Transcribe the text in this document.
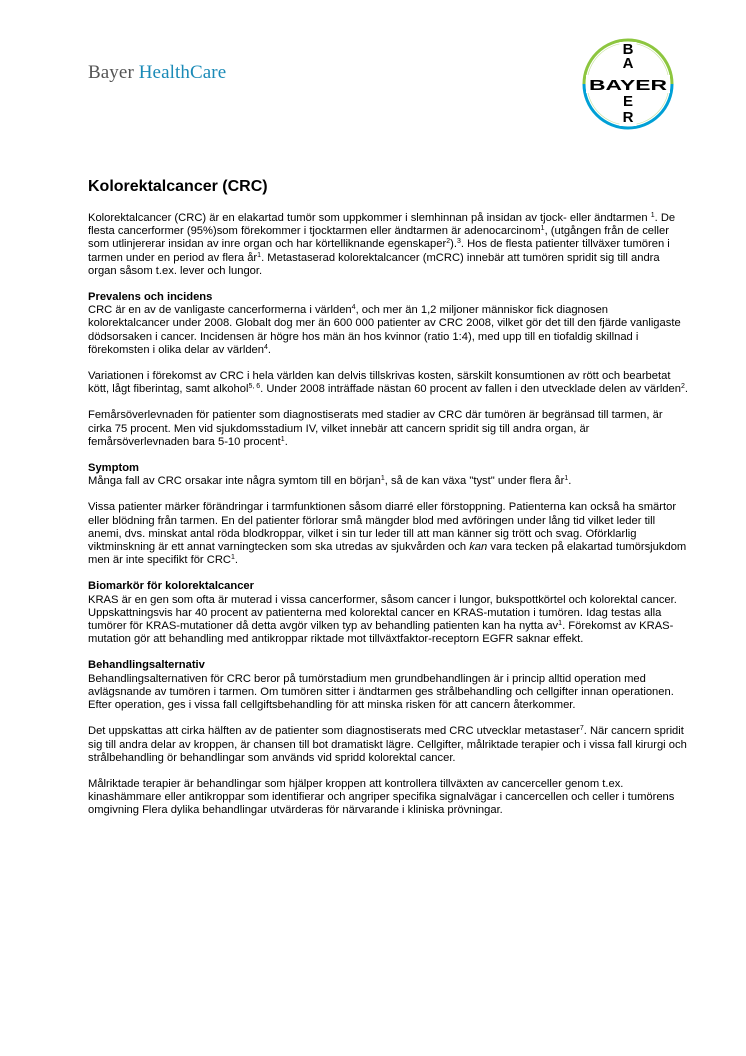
Bayer HealthCare
B
A
E
R
BAYER
Kolorektalcancer (CRC)

Kolorektalcancer (CRC) är en elakartad tumör som uppkommer i slemhinnan på insidan av tjock- eller ändtarmen $^1$. De flesta cancerformer (95%)som förekommer i tjocktarmen eller ändtarmen är adenocarcinom$^1$, (utgången från de celler som utlinjererar insidan av inre organ och har körtelliknande egenskaper$^2$).$^3$. Hos de flesta patienter tillväxer tumören i tarmen under en period av flera $år^1$. Metastaserad kolorektalcancer (mCRC) innebär att tumören spridit sig till andra organ såsom t.ex. lever och lungor.

Prevalens och incidens

CRC är en av de vanligaste cancerformerna i världen$^4$, och mer än 1,2 miljoner människor fick diagnosen kolorektalcancer under 2008. Globalt dog mer än 600 000 patienter av CRC 2008, vilket gör det till den fjärde vanligaste dödsorsaken i cancer. Incidensen är högre hos män än hos kvinnor (ratio 1:4), med upp till en tiofaldig skillnad i förekomsten i olika delar av världen$^4$.

Variationen i förekomst av CRC i hela världen kan delvis tillskrivas kosten, särskilt konsumtionen av rött och bearbetat kött, lågt fiberintag, samt alkohol$^{5, 6}$. Under 2008 inträffade nästan 60 procent av fallen i den utvecklade delen av världen$^2$.

Femårsöverlevnaden för patienter som diagnostiserats med stadier av CRC där tumören är begränsad till tarmen, är cirka 75 procent. Men vid sjukdomsstadium IV, vilket innebär att cancern spridit sig till andra organ, är femårsöverlevnaden bara 5-10 procent$^1$.

Symptom

Många fall av CRC orsakar inte några symtom till en början$^1$, så de kan växa "tyst" under flera $år^1$.

Vissa patienter märker förändringar i tarmfunktionen såsom diarré eller förstoppning. Patienterna kan också ha smärtor eller blödning från tarmen. En del patienter förlorar små mängder blod med avföringen under lång tid vilket leder till anemi, dvs. minskat antal röda blodkroppar, vilket i sin tur leder till att man känner sig trött och svag. Oförklarlig viktminskning är ett annat varningtecken som ska utredas av sjukvården och kan vara tecken på elakartad tumörsjukdom men är inte specifikt för CRC$^1$.

Biomarkör för kolorektalcancer

KRAS är en gen som ofta är muterad i vissa cancerformer, såsom cancer i lungor, bukspottkörtel och kolorektal cancer. Uppskattningsvis har 40 procent av patienterna med kolorektal cancer en KRAS-mutation i tumören. Idag testas alla tumörer för KRAS-mutationer då detta avgör vilken typ av behandling patienten kan ha nytta $av^1$. Förekomst av KRAS-mutation gör att behandling med antikroppar riktade mot tillväxtfaktor-receptorn EGFR saknar effekt.

Behandlingsalternativ

Behandlingsalternativen för CRC beror på tumörstadium men grundbehandlingen är i princip alltid operation med avlägsnande av tumören i tarmen. Om tumören sitter i ändtarmen ges strålbehandling och cellgifter innan operationen. Efter operation, ges i vissa fall cellgiftsbehandling för att minska risken för att cancern återkommer.

Det uppskattas att cirka hälften av de patienter som diagnostiserats med CRC utvecklar metastaser$^7$. När cancern spridit sig till andra delar av kroppen, är chansen till bot dramatiskt lägre. Cellgifter, målriktade terapier och i vissa fall kirurgi och strålbehandling ör behandlingar som används vid spridd kolorektal cancer.

Målriktade terapier är behandlingar som hjälper kroppen att kontrollera tillväxten av cancerceller genom t.ex. kinashämmare eller antikroppar som identifierar och angriper specifika signalvägar i cancercellen och celler i tumörens omgivning Flera dylika behandlingar utvärderas för närvarande i kliniska prövningar.
